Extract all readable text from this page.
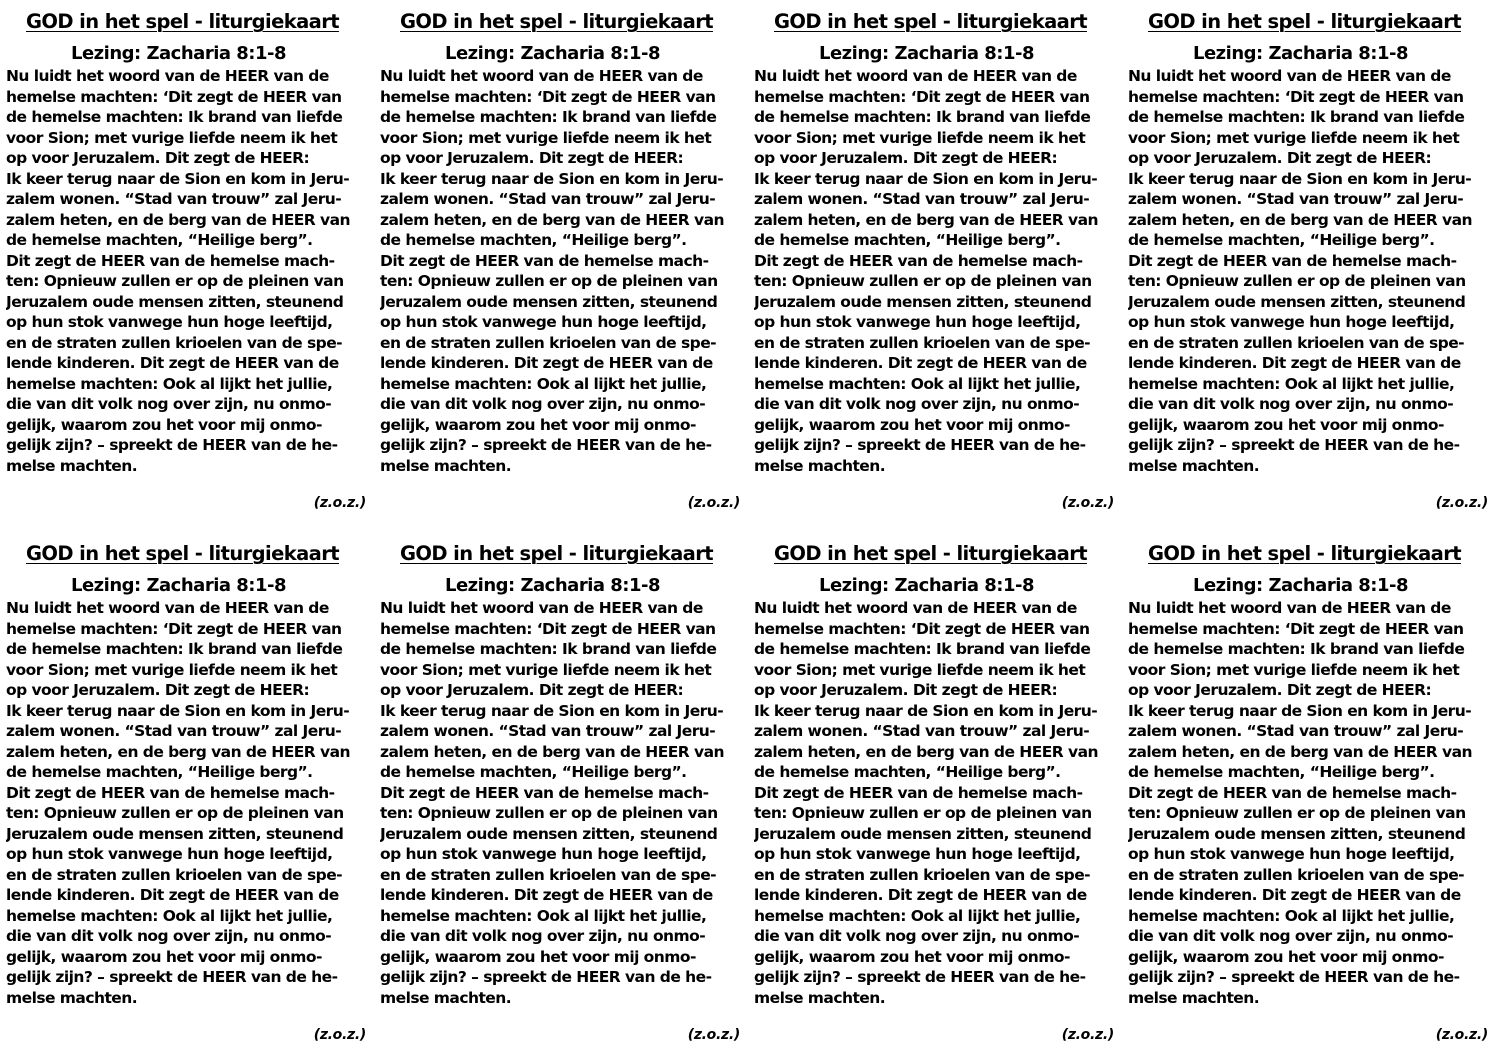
GOD in het spel - liturgiekaart
Lezing: Zacharia 8:1-8
Nu luidt het woord van de HEER van de
hemelse machten: ‘Dit zegt de HEER van
de hemelse machten: Ik brand van liefde
voor Sion; met vurige liefde neem ik het
op voor Jeruzalem. Dit zegt de HEER:
Ik keer terug naar de Sion en kom in Jeru-
zalem wonen. “Stad van trouw” zal Jeru-
zalem heten, en de berg van de HEER van
de hemelse machten, “Heilige berg”.
Dit zegt de HEER van de hemelse mach-
ten: Opnieuw zullen er op de pleinen van
Jeruzalem oude mensen zitten, steunend
op hun stok vanwege hun hoge leeftijd,
en de straten zullen krioelen van de spe-
lende kinderen. Dit zegt de HEER van de
hemelse machten: Ook al lijkt het jullie,
die van dit volk nog over zijn, nu onmo-
gelijk, waarom zou het voor mij onmo-
gelijk zijn? – spreekt de HEER van de he-
melse machten.
(z.o.z.)
GOD in het spel - liturgiekaart
Lezing: Zacharia 8:1-8
Nu luidt het woord van de HEER van de
hemelse machten: ‘Dit zegt de HEER van
de hemelse machten: Ik brand van liefde
voor Sion; met vurige liefde neem ik het
op voor Jeruzalem. Dit zegt de HEER:
Ik keer terug naar de Sion en kom in Jeru-
zalem wonen. “Stad van trouw” zal Jeru-
zalem heten, en de berg van de HEER van
de hemelse machten, “Heilige berg”.
Dit zegt de HEER van de hemelse mach-
ten: Opnieuw zullen er op de pleinen van
Jeruzalem oude mensen zitten, steunend
op hun stok vanwege hun hoge leeftijd,
en de straten zullen krioelen van de spe-
lende kinderen. Dit zegt de HEER van de
hemelse machten: Ook al lijkt het jullie,
die van dit volk nog over zijn, nu onmo-
gelijk, waarom zou het voor mij onmo-
gelijk zijn? – spreekt de HEER van de he-
melse machten.
(z.o.z.)
GOD in het spel - liturgiekaart
Lezing: Zacharia 8:1-8
Nu luidt het woord van de HEER van de
hemelse machten: ‘Dit zegt de HEER van
de hemelse machten: Ik brand van liefde
voor Sion; met vurige liefde neem ik het
op voor Jeruzalem. Dit zegt de HEER:
Ik keer terug naar de Sion en kom in Jeru-
zalem wonen. “Stad van trouw” zal Jeru-
zalem heten, en de berg van de HEER van
de hemelse machten, “Heilige berg”.
Dit zegt de HEER van de hemelse mach-
ten: Opnieuw zullen er op de pleinen van
Jeruzalem oude mensen zitten, steunend
op hun stok vanwege hun hoge leeftijd,
en de straten zullen krioelen van de spe-
lende kinderen. Dit zegt de HEER van de
hemelse machten: Ook al lijkt het jullie,
die van dit volk nog over zijn, nu onmo-
gelijk, waarom zou het voor mij onmo-
gelijk zijn? – spreekt de HEER van de he-
melse machten.
(z.o.z.)
GOD in het spel - liturgiekaart
Lezing: Zacharia 8:1-8
Nu luidt het woord van de HEER van de
hemelse machten: ‘Dit zegt de HEER van
de hemelse machten: Ik brand van liefde
voor Sion; met vurige liefde neem ik het
op voor Jeruzalem. Dit zegt de HEER:
Ik keer terug naar de Sion en kom in Jeru-
zalem wonen. “Stad van trouw” zal Jeru-
zalem heten, en de berg van de HEER van
de hemelse machten, “Heilige berg”.
Dit zegt de HEER van de hemelse mach-
ten: Opnieuw zullen er op de pleinen van
Jeruzalem oude mensen zitten, steunend
op hun stok vanwege hun hoge leeftijd,
en de straten zullen krioelen van de spe-
lende kinderen. Dit zegt de HEER van de
hemelse machten: Ook al lijkt het jullie,
die van dit volk nog over zijn, nu onmo-
gelijk, waarom zou het voor mij onmo-
gelijk zijn? – spreekt de HEER van de he-
melse machten.
(z.o.z.)
GOD in het spel - liturgiekaart
Lezing: Zacharia 8:1-8
Nu luidt het woord van de HEER van de
hemelse machten: ‘Dit zegt de HEER van
de hemelse machten: Ik brand van liefde
voor Sion; met vurige liefde neem ik het
op voor Jeruzalem. Dit zegt de HEER:
Ik keer terug naar de Sion en kom in Jeru-
zalem wonen. “Stad van trouw” zal Jeru-
zalem heten, en de berg van de HEER van
de hemelse machten, “Heilige berg”.
Dit zegt de HEER van de hemelse mach-
ten: Opnieuw zullen er op de pleinen van
Jeruzalem oude mensen zitten, steunend
op hun stok vanwege hun hoge leeftijd,
en de straten zullen krioelen van de spe-
lende kinderen. Dit zegt de HEER van de
hemelse machten: Ook al lijkt het jullie,
die van dit volk nog over zijn, nu onmo-
gelijk, waarom zou het voor mij onmo-
gelijk zijn? – spreekt de HEER van de he-
melse machten.
(z.o.z.)
GOD in het spel - liturgiekaart
Lezing: Zacharia 8:1-8
Nu luidt het woord van de HEER van de
hemelse machten: ‘Dit zegt de HEER van
de hemelse machten: Ik brand van liefde
voor Sion; met vurige liefde neem ik het
op voor Jeruzalem. Dit zegt de HEER:
Ik keer terug naar de Sion en kom in Jeru-
zalem wonen. “Stad van trouw” zal Jeru-
zalem heten, en de berg van de HEER van
de hemelse machten, “Heilige berg”.
Dit zegt de HEER van de hemelse mach-
ten: Opnieuw zullen er op de pleinen van
Jeruzalem oude mensen zitten, steunend
op hun stok vanwege hun hoge leeftijd,
en de straten zullen krioelen van de spe-
lende kinderen. Dit zegt de HEER van de
hemelse machten: Ook al lijkt het jullie,
die van dit volk nog over zijn, nu onmo-
gelijk, waarom zou het voor mij onmo-
gelijk zijn? – spreekt de HEER van de he-
melse machten.
(z.o.z.)
GOD in het spel - liturgiekaart
Lezing: Zacharia 8:1-8
Nu luidt het woord van de HEER van de
hemelse machten: ‘Dit zegt de HEER van
de hemelse machten: Ik brand van liefde
voor Sion; met vurige liefde neem ik het
op voor Jeruzalem. Dit zegt de HEER:
Ik keer terug naar de Sion en kom in Jeru-
zalem wonen. “Stad van trouw” zal Jeru-
zalem heten, en de berg van de HEER van
de hemelse machten, “Heilige berg”.
Dit zegt de HEER van de hemelse mach-
ten: Opnieuw zullen er op de pleinen van
Jeruzalem oude mensen zitten, steunend
op hun stok vanwege hun hoge leeftijd,
en de straten zullen krioelen van de spe-
lende kinderen. Dit zegt de HEER van de
hemelse machten: Ook al lijkt het jullie,
die van dit volk nog over zijn, nu onmo-
gelijk, waarom zou het voor mij onmo-
gelijk zijn? – spreekt de HEER van de he-
melse machten.
(z.o.z.)
GOD in het spel - liturgiekaart
Lezing: Zacharia 8:1-8
Nu luidt het woord van de HEER van de
hemelse machten: ‘Dit zegt de HEER van
de hemelse machten: Ik brand van liefde
voor Sion; met vurige liefde neem ik het
op voor Jeruzalem. Dit zegt de HEER:
Ik keer terug naar de Sion en kom in Jeru-
zalem wonen. “Stad van trouw” zal Jeru-
zalem heten, en de berg van de HEER van
de hemelse machten, “Heilige berg”.
Dit zegt de HEER van de hemelse mach-
ten: Opnieuw zullen er op de pleinen van
Jeruzalem oude mensen zitten, steunend
op hun stok vanwege hun hoge leeftijd,
en de straten zullen krioelen van de spe-
lende kinderen. Dit zegt de HEER van de
hemelse machten: Ook al lijkt het jullie,
die van dit volk nog over zijn, nu onmo-
gelijk, waarom zou het voor mij onmo-
gelijk zijn? – spreekt de HEER van de he-
melse machten.
(z.o.z.)
